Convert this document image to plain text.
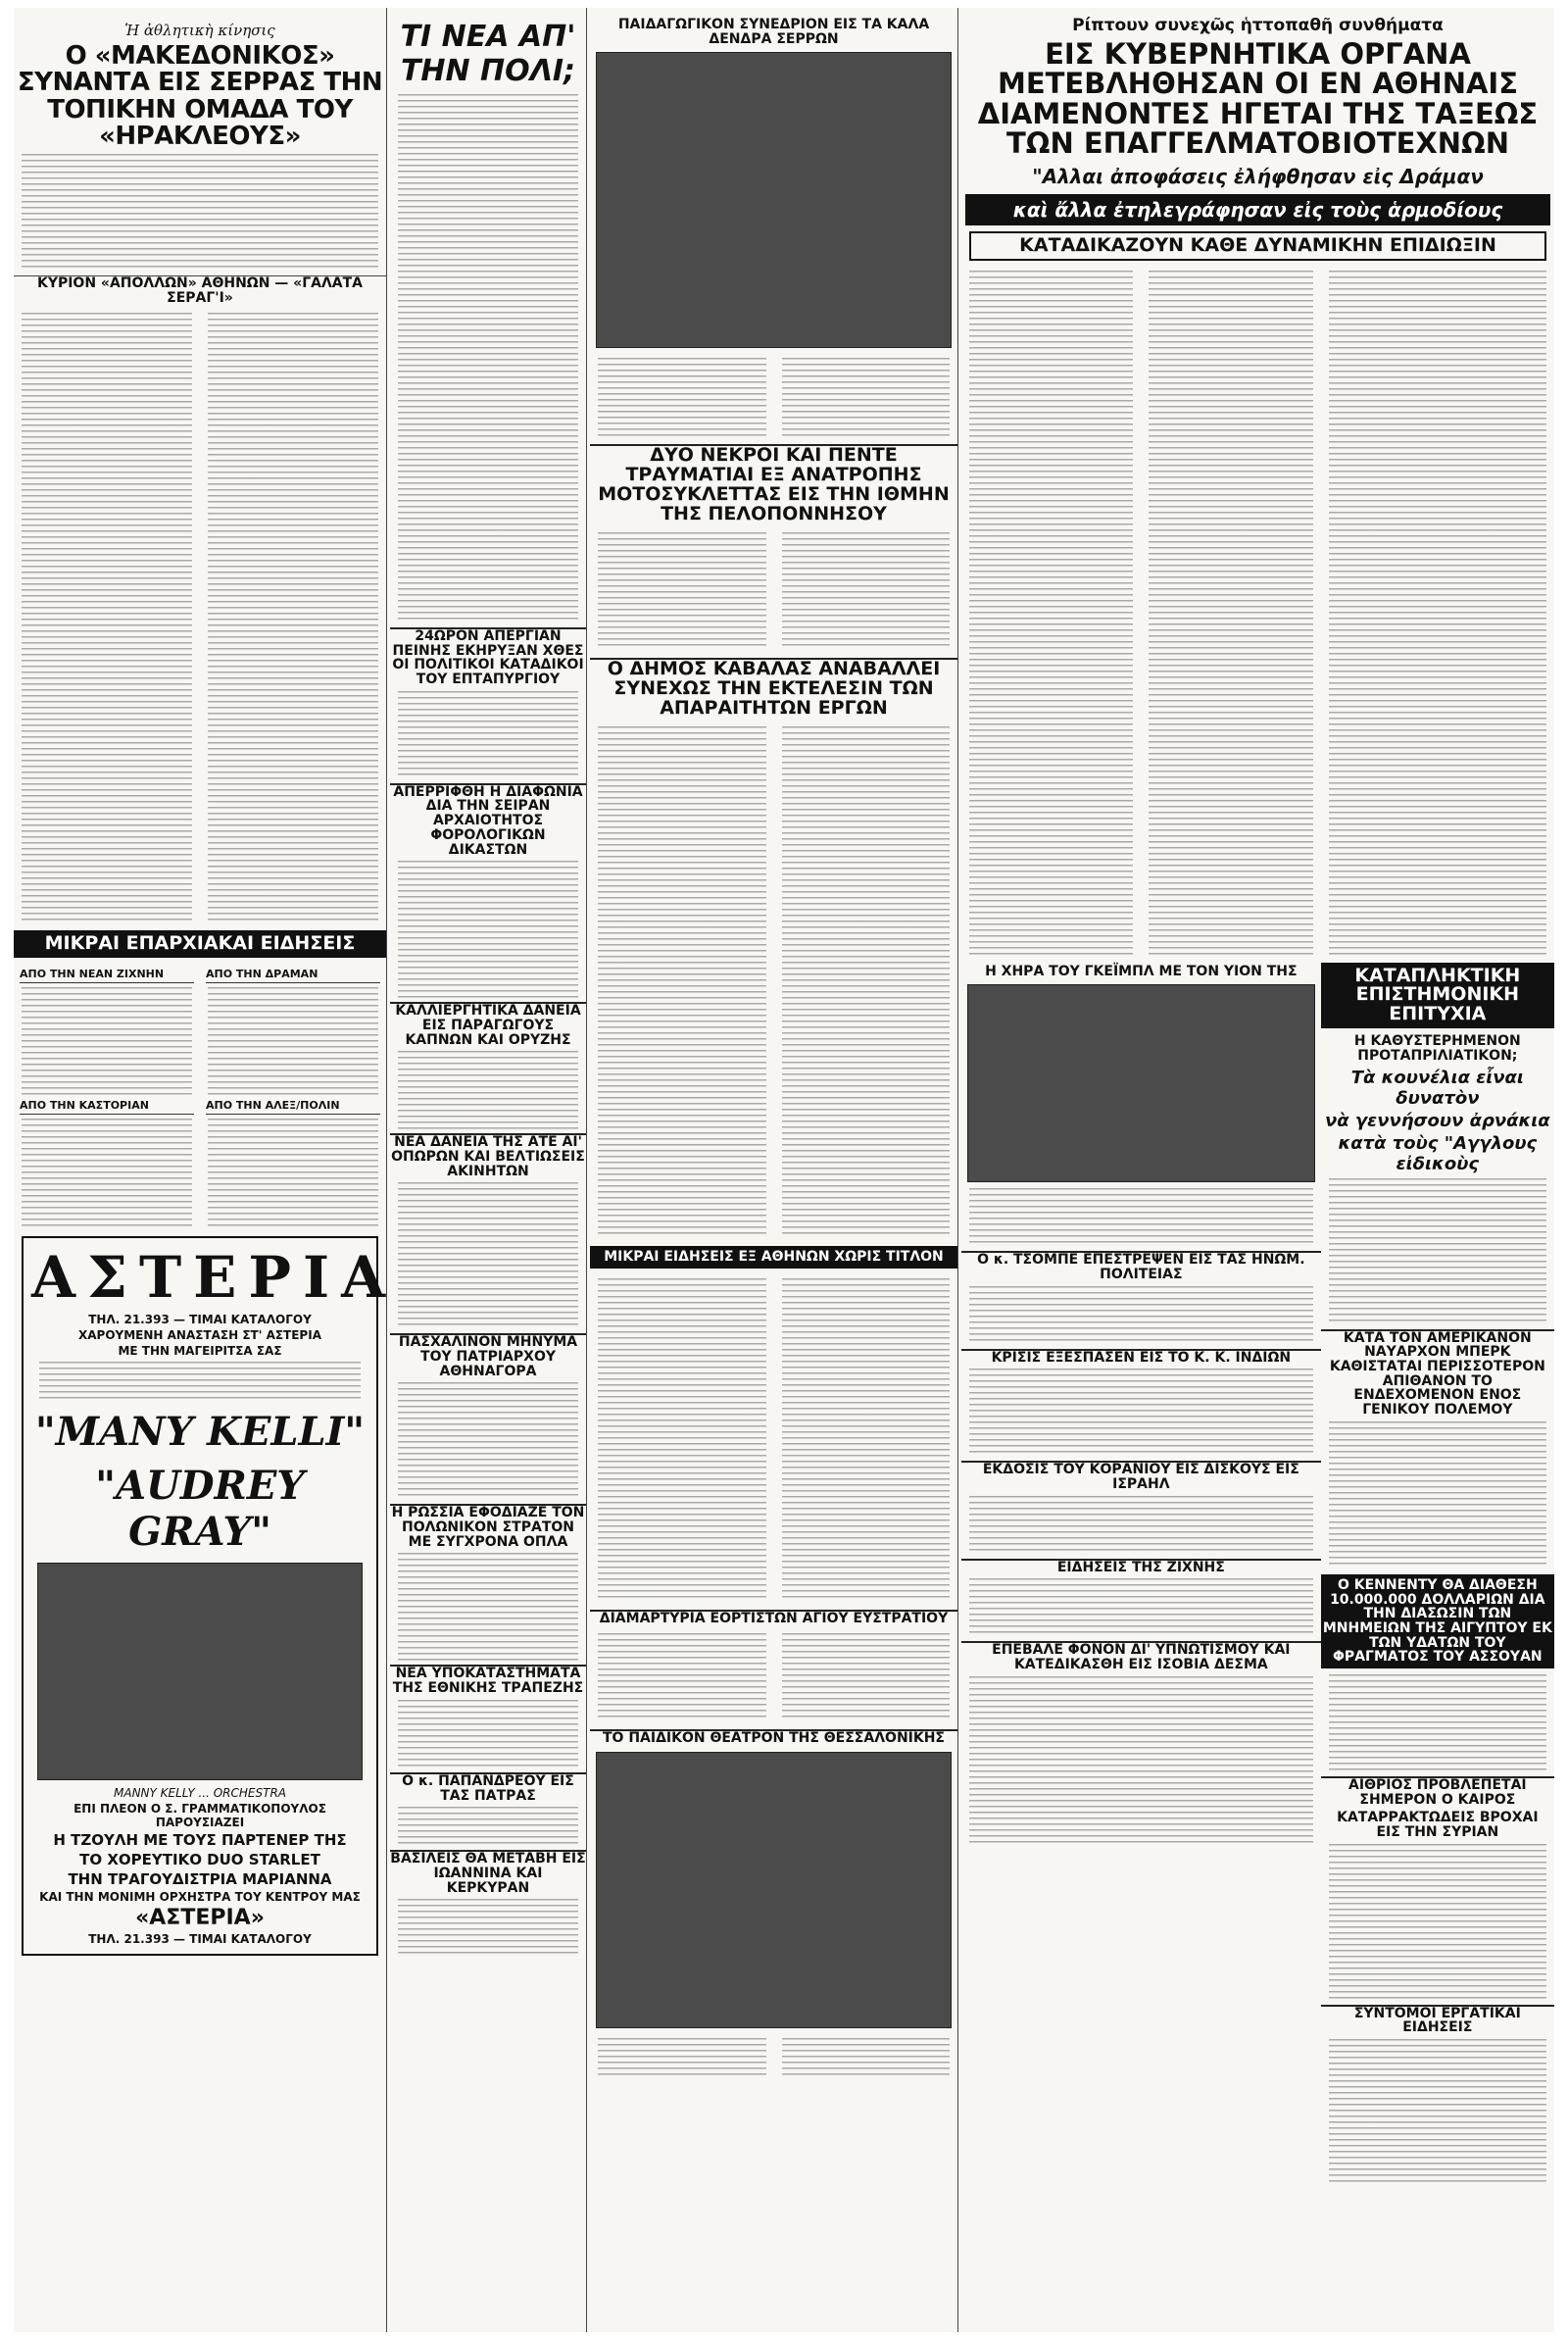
Ἡ ἀθλητικὴ κίνησις
Ο «ΜΑΚΕΔΟΝΙΚΟΣ» ΣΥΝΑΝΤΑ ΕΙΣ ΣΕΡΡΑΣ ΤΗΝ ΤΟΠΙΚΗΝ ΟΜΑΔΑ ΤΟΥ «ΗΡΑΚΛΕΟΥΣ»
ΚΥΡΙΟΝ «ΑΠΟΛΛΩΝ» ΑΘΗΝΩΝ — «ΓΑΛΑΤΑ ΣΕΡΑΓ'Ι»
ΜΙΚΡΑΙ ΕΠΑΡΧΙΑΚΑΙ ΕΙΔΗΣΕΙΣ
ΑΠΟ ΤΗΝ ΝΕΑΝ ΖΙΧΝΗΝ
ΑΠΟ ΤΗΝ ΚΑΣΤΟΡΙΑΝ
ΑΠΟ ΤΗΝ ΔΡΑΜΑΝ
ΑΠΟ ΤΗΝ ΑΛΕΞ/ΠΟΛΙΝ
ΑΣΤΕΡΙΑ
ΤΗΛ. 21.393 — ΤΙΜΑΙ ΚΑΤΑΛΟΓΟΥ
ΧΑΡΟΥΜΕΝΗ ΑΝΑΣΤΑΣΗ ΣΤ' ΑΣΤΕΡΙΑ
ΜΕ ΤΗΝ ΜΑΓΕΙΡΙΤΣΑ ΣΑΣ
"MANY KELLI"
"AUDREY GRAY"
MANNY KELLY ... ORCHESTRA
ΕΠΙ ΠΛΕΟΝ Ο Σ. ΓΡΑΜΜΑΤΙΚΟΠΟΥΛΟΣ ΠΑΡΟΥΣΙΑΖΕΙ
Η ΤΖΟΥΛΗ ΜΕ ΤΟΥΣ ΠΑΡΤΕΝΕΡ ΤΗΣ
ΤΟ ΧΟΡΕΥΤΙΚΟ DUO STARLET
ΤΗΝ ΤΡΑΓΟΥΔΙΣΤΡΙΑ ΜΑΡΙΑΝΝΑ
ΚΑΙ ΤΗΝ ΜΟΝΙΜΗ ΟΡΧΗΣΤΡΑ ΤΟΥ ΚΕΝΤΡΟΥ ΜΑΣ
«ΑΣΤΕΡΙΑ»
ΤΗΛ. 21.393 — ΤΙΜΑΙ ΚΑΤΑΛΟΓΟΥ
ΤΙ ΝΕΑ ΑΠ' ΤΗΝ ΠΟΛΙ;
24ΩΡΟΝ ΑΠΕΡΓΙΑΝ ΠΕΙΝΗΣ ΕΚΗΡΥΞΑΝ ΧΘΕΣ ΟΙ ΠΟΛΙΤΙΚΟΙ ΚΑΤΑΔΙΚΟΙ ΤΟΥ ΕΠΤΑΠΥΡΓΙΟΥ
ΑΠΕΡΡΙΦΘΗ Η ΔΙΑΦΩΝΙΑ ΔΙΑ ΤΗΝ ΣΕΙΡΑΝ ΑΡΧΑΙΟΤΗΤΟΣ ΦΟΡΟΛΟΓΙΚΩΝ ΔΙΚΑΣΤΩΝ
ΚΑΛΛΙΕΡΓΗΤΙΚΑ ΔΑΝΕΙΑ ΕΙΣ ΠΑΡΑΓΩΓΟΥΣ ΚΑΠΝΩΝ ΚΑΙ ΟΡΥΖΗΣ
ΝΕΑ ΔΑΝΕΙΑ ΤΗΣ ΑΤΕ ΑΙ' ΟΠΩΡΩΝ ΚΑΙ ΒΕΛΤΙΩΣΕΙΣ ΑΚΙΝΗΤΩΝ
ΠΑΣΧΑΛΙΝΟΝ ΜΗΝΥΜΑ ΤΟΥ ΠΑΤΡΙΑΡΧΟΥ ΑΘΗΝΑΓΟΡΑ
Η ΡΩΣΣΙΑ ΕΦΟΔΙΑΖΕ ΤΟΝ ΠΟΛΩΝΙΚΟΝ ΣΤΡΑΤΟΝ ΜΕ ΣΥΓΧΡΟΝΑ ΟΠΛΑ
ΝΕΑ ΥΠΟΚΑΤΑΣΤΗΜΑΤΑ ΤΗΣ ΕΘΝΙΚΗΣ ΤΡΑΠΕΖΗΣ
Ο κ. ΠΑΠΑΝΔΡΕΟΥ ΕΙΣ ΤΑΣ ΠΑΤΡΑΣ
ΒΑΣΙΛΕΙΣ ΘΑ ΜΕΤΑΒΗ ΕΙΣ ΙΩΑΝΝΙΝΑ ΚΑΙ ΚΕΡΚΥΡΑΝ
ΠΑΙΔΑΓΩΓΙΚΟΝ ΣΥΝΕΔΡΙΟΝ ΕΙΣ ΤΑ ΚΑΛΑ ΔΕΝΔΡΑ ΣΕΡΡΩΝ
ΔΥΟ ΝΕΚΡΟΙ ΚΑΙ ΠΕΝΤΕ ΤΡΑΥΜΑΤΙΑΙ ΕΞ ΑΝΑΤΡΟΠΗΣ ΜΟΤΟΣΥΚΛΕΤΤΑΣ ΕΙΣ ΤΗΝ ΙΘΜΗΝ ΤΗΣ ΠΕΛΟΠΟΝΝΗΣΟΥ
Ο ΔΗΜΟΣ ΚΑΒΑΛΑΣ ΑΝΑΒΑΛΛΕΙ ΣΥΝΕΧΩΣ ΤΗΝ ΕΚΤΕΛΕΣΙΝ ΤΩΝ ΑΠΑΡΑΙΤΗΤΩΝ ΕΡΓΩΝ
ΜΙΚΡΑΙ ΕΙΔΗΣΕΙΣ ΕΞ ΑΘΗΝΩΝ ΧΩΡΙΣ ΤΙΤΛΟΝ
ΔΙΑΜΑΡΤΥΡΙΑ ΕΟΡΤΙΣΤΩΝ ΑΓΙΟΥ ΕΥΣΤΡΑΤΙΟΥ
ΤΟ ΠΑΙΔΙΚΟΝ ΘΕΑΤΡΟΝ ΤΗΣ ΘΕΣΣΑΛΟΝΙΚΗΣ
Ρίπτουν συνεχῶς ἡττοπαθῆ συνθήματα
ΕΙΣ ΚΥΒΕΡΝΗΤΙΚΑ ΟΡΓΑΝΑ ΜΕΤΕΒΛΗΘΗΣΑΝ ΟΙ ΕΝ ΑΘΗΝΑΙΣ ΔΙΑΜΕΝΟΝΤΕΣ ΗΓΕΤΑΙ ΤΗΣ ΤΑΞΕΩΣ ΤΩΝ ΕΠΑΓΓΕΛΜΑΤΟΒΙΟΤΕΧΝΩΝ
"Αλλαι ἀποφάσεις ἐλήφθησαν εἰς Δράμαν
καὶ ἄλλα ἐτηλεγράφησαν εἰς τοὺς ἁρμοδίους
ΚΑΤΑΔΙΚΑΖΟΥΝ ΚΑΘΕ ΔΥΝΑΜΙΚΗΝ ΕΠΙΔΙΩΞΙΝ
Η ΧΗΡΑ ΤΟΥ ΓΚΕΪΜΠΛ ΜΕ ΤΟΝ ΥΙΟΝ ΤΗΣ
Ο κ. ΤΣΟΜΠΕ ΕΠΕΣΤΡΕΨΕΝ ΕΙΣ ΤΑΣ ΗΝΩΜ. ΠΟΛΙΤΕΙΑΣ
ΚΡΙΣΙΣ ΕΞΕΣΠΑΣΕΝ ΕΙΣ ΤΟ Κ. Κ. ΙΝΔΙΩΝ
ΕΚΔΟΣΙΣ ΤΟΥ ΚΟΡΑΝΙΟΥ ΕΙΣ ΔΙΣΚΟΥΣ ΕΙΣ ΙΣΡΑΗΛ
ΕΙΔΗΣΕΙΣ ΤΗΣ ΖΙΧΝΗΣ
ΕΠΕΒΑΛΕ ΦΟΝΟΝ ΔΙ' ΥΠΝΩΤΙΣΜΟΥ ΚΑΙ ΚΑΤΕΔΙΚΑΣΘΗ ΕΙΣ ΙΣΟΒΙΑ ΔΕΣΜΑ
ΚΑΤΑΠΛΗΚΤΙΚΗ ΕΠΙΣΤΗΜΟΝΙΚΗ ΕΠΙΤΥΧΙΑ
Η ΚΑΘΥΣΤΕΡΗΜΕΝΟΝ ΠΡΟΤΑΠΡΙΛΙΑΤΙΚΟΝ;
Τὰ κουνέλια εἶναι δυνατὸν
νὰ γεννήσουν ἀρνάκια
κατὰ τοὺς "Αγγλους εἰδικοὺς
ΚΑΤΑ ΤΟΝ ΑΜΕΡΙΚΑΝΟΝ ΝΑΥΑΡΧΟΝ ΜΠΕΡΚ ΚΑΘΙΣΤΑΤΑΙ ΠΕΡΙΣΣΟΤΕΡΟΝ ΑΠΙΘΑΝΟΝ ΤΟ ΕΝΔΕΧΟΜΕΝΟΝ ΕΝΟΣ ΓΕΝΙΚΟΥ ΠΟΛΕΜΟΥ
Ο ΚΕΝΝΕΝΤΥ ΘΑ ΔΙΑΘΕΣΗ 10.000.000 ΔΟΛΛΑΡΙΩΝ ΔΙΑ ΤΗΝ ΔΙΑΣΩΣΙΝ ΤΩΝ ΜΝΗΜΕΙΩΝ ΤΗΣ ΑΙΓΥΠΤΟΥ ΕΚ ΤΩΝ ΥΔΑΤΩΝ ΤΟΥ ΦΡΑΓΜΑΤΟΣ ΤΟΥ ΑΣΣΟΥΑΝ
ΑΙΘΡΙΟΣ ΠΡΟΒΛΕΠΕΤΑΙ ΣΗΜΕΡΟΝ Ο ΚΑΙΡΟΣ
ΚΑΤΑΡΡΑΚΤΩΔΕΙΣ ΒΡΟΧΑΙ ΕΙΣ ΤΗΝ ΣΥΡΙΑΝ
ΣΥΝΤΟΜΟΙ ΕΡΓΑΤΙΚΑΙ ΕΙΔΗΣΕΙΣ
